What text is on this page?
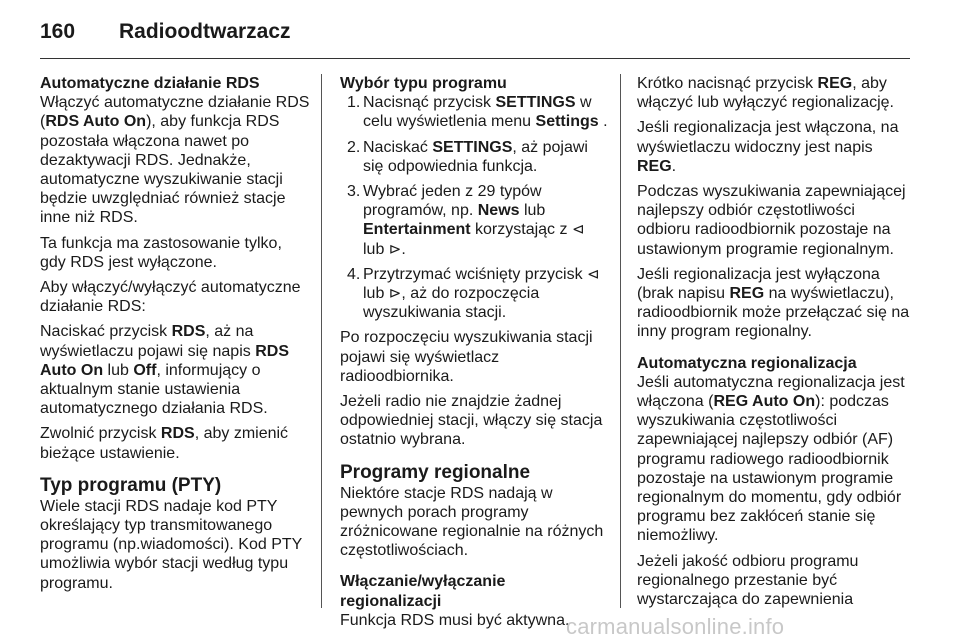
160 Radioodtwarzacz
Automatyczne działanie RDS

Włączyć automatyczne działanie RDS (RDS Auto On), aby funkcja RDS pozostała włączona nawet po dezaktywacji RDS. Jednakże, automatyczne wyszukiwanie stacji będzie uwzględniać również stacje inne niż RDS.

Ta funkcja ma zastosowanie tylko, gdy RDS jest wyłączone.

Aby włączyć/wyłączyć automatyczne działanie RDS:

Naciskać przycisk RDS, aż na wyświetlaczu pojawi się napis RDS Auto On lub Off, informujący o aktualnym stanie ustawienia automatycznego działania RDS.

Zwolnić przycisk RDS, aby zmienić bieżące ustawienie.

Typ programu (PTY)

Wiele stacji RDS nadaje kod PTY określający typ transmitowanego programu (np.wiadomości). Kod PTY umożliwia wybór stacji według typu programu.

Wybór typu programu
1. Nacisnąć przycisk SETTINGS w celu wyświetlenia menu Settings .
2. Naciskać SETTINGS, aż pojawi się odpowiednia funkcja.
3. Wybrać jeden z 29 typów programów, np. News lub Entertainment korzystając z ⊲ lub ⊳.
4. Przytrzymać wciśnięty przycisk ⊲ lub ⊳, aż do rozpoczęcia wyszukiwania stacji.

Po rozpoczęciu wyszukiwania stacji pojawi się wyświetlacz radioodbiornika.

Jeżeli radio nie znajdzie żadnej odpowiedniej stacji, włączy się stacja ostatnio wybrana.

Programy regionalne

Niektóre stacje RDS nadają w pewnych porach programy zróżnicowane regionalnie na różnych częstotliwościach.

Włączanie/wyłączanie regionalizacji

Funkcja RDS musi być aktywna.

Krótko nacisnąć przycisk REG, aby włączyć lub wyłączyć regionalizację.

Jeśli regionalizacja jest włączona, na wyświetlaczu widoczny jest napis REG.

Podczas wyszukiwania zapewniającej najlepszy odbiór częstotliwości odbioru radioodbiornik pozostaje na ustawionym programie regionalnym.

Jeśli regionalizacja jest wyłączona (brak napisu REG na wyświetlaczu), radioodbiornik może przełączać się na inny program regionalny.

Automatyczna regionalizacja

Jeśli automatyczna regionalizacja jest włączona (REG Auto On): podczas wyszukiwania częstotliwości zapewniającej najlepszy odbiór (AF) programu radiowego radioodbiornik pozostaje na ustawionym programie regionalnym do momentu, gdy odbiór programu bez zakłóceń stanie się niemożliwy.

Jeżeli jakość odbioru programu regionalnego przestanie być wystarczająca do zapewnienia

carmanualsonline.info
